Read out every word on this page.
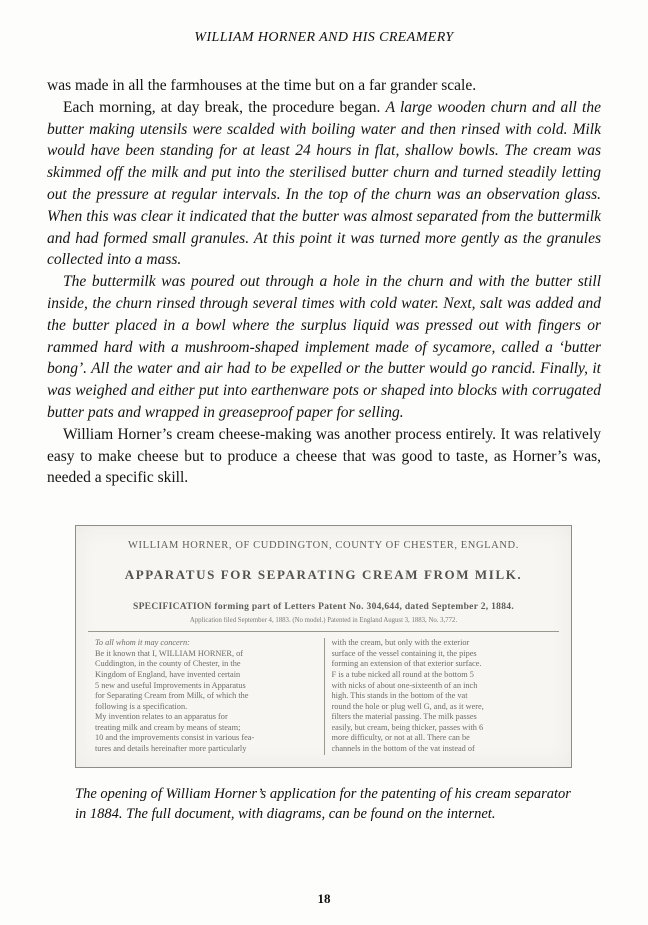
WILLIAM HORNER AND HIS CREAMERY

was made in all the farmhouses at the time but on a far grander scale.

Each morning, at day break, the procedure began. A large wooden churn and all the butter making utensils were scalded with boiling water and then rinsed with cold. Milk would have been standing for at least 24 hours in flat, shallow bowls. The cream was skimmed off the milk and put into the sterilised butter churn and turned steadily letting out the pressure at regular intervals. In the top of the churn was an observation glass. When this was clear it indicated that the butter was almost separated from the buttermilk and had formed small granules. At this point it was turned more gently as the granules collected into a mass.

The buttermilk was poured out through a hole in the churn and with the butter still inside, the churn rinsed through several times with cold water. Next, salt was added and the butter placed in a bowl where the surplus liquid was pressed out with fingers or rammed hard with a mushroom-shaped implement made of sycamore, called a ‘butter bong’. All the water and air had to be expelled or the butter would go rancid. Finally, it was weighed and either put into earthenware pots or shaped into blocks with corrugated butter pats and wrapped in greaseproof paper for selling.

William Horner’s cream cheese-making was another process entirely. It was relatively easy to make cheese but to produce a cheese that was good to taste, as Horner’s was, needed a specific skill.

WILLIAM HORNER, OF CUDDINGTON, COUNTY OF CHESTER, ENGLAND.
APPARATUS FOR SEPARATING CREAM FROM MILK.
SPECIFICATION forming part of Letters Patent No. 304,644, dated September 2, 1884.
Application filed September 4, 1883. (No model.) Patented in England August 3, 1883, No. 3,772.
To all whom it may concern:
Be it known that I, WILLIAM HORNER, of
Cuddington, in the county of Chester, in the
Kingdom of England, have invented certain
5 new and useful Improvements in Apparatus
for Separating Cream from Milk, of which the
following is a specification.
My invention relates to an apparatus for
treating milk and cream by means of steam;
10 and the improvements consist in various fea-
tures and details hereinafter more particularly
with the cream, but only with the exterior
surface of the vessel containing it, the pipes
forming an extension of that exterior surface.
F is a tube nicked all round at the bottom 5
with nicks of about one-sixteenth of an inch
high. This stands in the bottom of the vat
round the hole or plug well G, and, as it were,
filters the material passing. The milk passes
easily, but cream, being thicker, passes with 6
more difficulty, or not at all. There can be
channels in the bottom of the vat instead of
The opening of William Horner’s application for the patenting of his cream separator in 1884. The full document, with diagrams, can be found on the internet.
18
